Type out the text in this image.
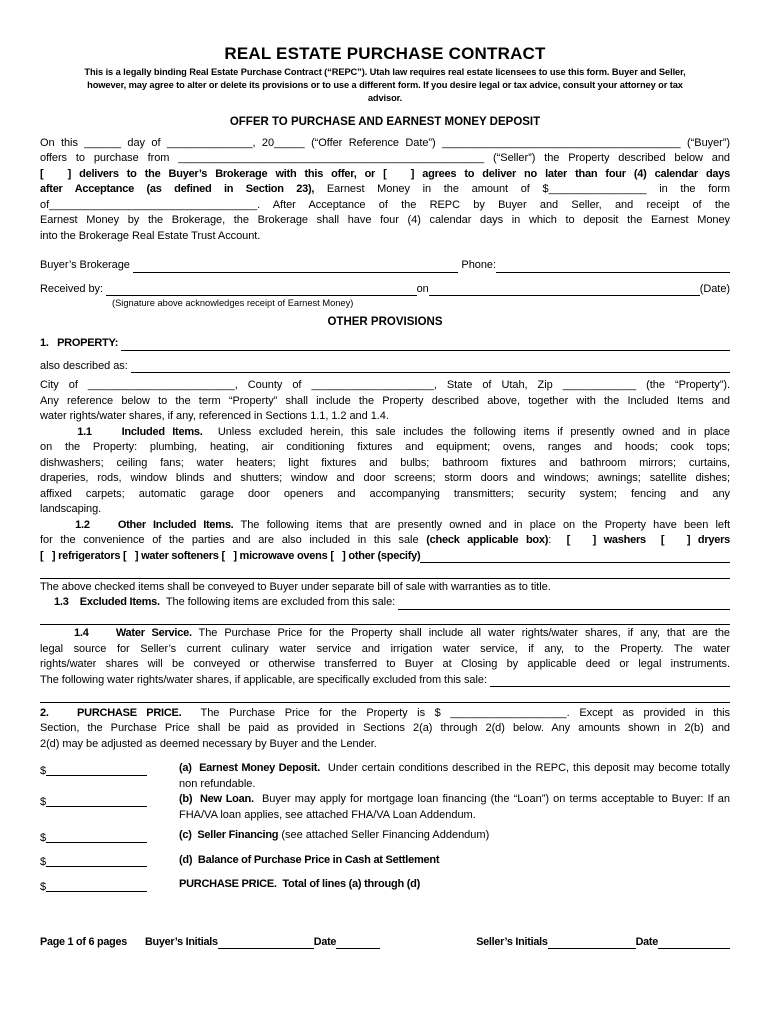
REAL ESTATE PURCHASE CONTRACT
This is a legally binding Real Estate Purchase Contract (“REPC”). Utah law requires real estate licensees to use this form. Buyer and Seller,
however, may agree to alter or delete its provisions or to use a different form. If you desire legal or tax advice, consult your attorney or tax
advisor.
OFFER TO PURCHASE AND EARNEST MONEY DEPOSIT
On this ______ day of ______________, 20_____ (“Offer Reference Date”) _______________________________________ (“Buyer”)
offers to purchase from __________________________________________________ (“Seller”) the Property described below and
[   ] delivers to the Buyer’s Brokerage with this offer, or [   ] agrees to deliver no later than four (4) calendar days
after Acceptance (as defined in Section 23), Earnest Money in the amount of $________________ in the form
of__________________________________. After Acceptance of the REPC by Buyer and Seller, and receipt of the
Earnest Money by the Brokerage, the Brokerage shall have four (4) calendar days in which to deposit the Earnest Money
into the Brokerage Real Estate Trust Account.
Buyer’s Brokerage	Phone:
Received by:	on	(Date)
(Signature above acknowledges receipt of Earnest Money)
OTHER PROVISIONS
1.   PROPERTY:
also described as:
City of ________________________, County of ____________________, State of Utah, Zip ____________ (the “Property”).
Any reference below to the term “Property” shall include the Property described above, together with the Included Items and
water rights/water shares, if any, referenced in Sections 1.1, 1.2 and 1.4.
1.1    Included Items.  Unless excluded herein, this sale includes the following items if presently owned and in place
on the Property: plumbing, heating, air conditioning fixtures and equipment; ovens, ranges and hoods; cook tops;
dishwashers; ceiling fans; water heaters; light fixtures and bulbs; bathroom fixtures and bathroom mirrors; curtains,
draperies, rods, window blinds and shutters; window and door screens; storm doors and windows; awnings; satellite dishes;
affixed carpets; automatic garage door openers and accompanying transmitters; security system; fencing and any
landscaping.
1.2    Other Included Items. The following items that are presently owned and in place on the Property have been left
for the convenience of the parties and are also included in this sale (check applicable box):  [   ] washers  [   ] dryers
[   ] refrigerators [   ] water softeners [   ] microwave ovens [   ] other (specify)
The above checked items shall be conveyed to Buyer under separate bill of sale with warranties as to title.
1.3    Excluded Items. The following items are excluded from this sale:
1.4    Water Service. The Purchase Price for the Property shall include all water rights/water shares, if any, that are the
legal source for Seller’s current culinary water service and irrigation water service, if any, to the Property. The water
rights/water shares will be conveyed or otherwise transferred to Buyer at Closing by applicable deed or legal instruments.
The following water rights/water shares, if applicable, are specifically excluded from this sale:
2.   PURCHASE PRICE.  The Purchase Price for the Property is $ ___________________. Except as provided in this
Section, the Purchase Price shall be paid as provided in Sections 2(a) through 2(d) below. Any amounts shown in 2(b) and
2(d) may be adjusted as deemed necessary by Buyer and the Lender.
$	(a)  Earnest Money Deposit.  Under certain conditions described in the REPC, this deposit may become totally non refundable.
$	(b)  New Loan.  Buyer may apply for mortgage loan financing (the “Loan”) on terms acceptable to Buyer: If an FHA/VA loan applies, see attached FHA/VA Loan Addendum.
$	(c)  Seller Financing (see attached Seller Financing Addendum)
$	(d)  Balance of Purchase Price in Cash at Settlement
$	PURCHASE PRICE.  Total of lines (a) through (d)
Page 1 of 6 pages Buyer’s Initials	Date	Seller’s Initials	Date
